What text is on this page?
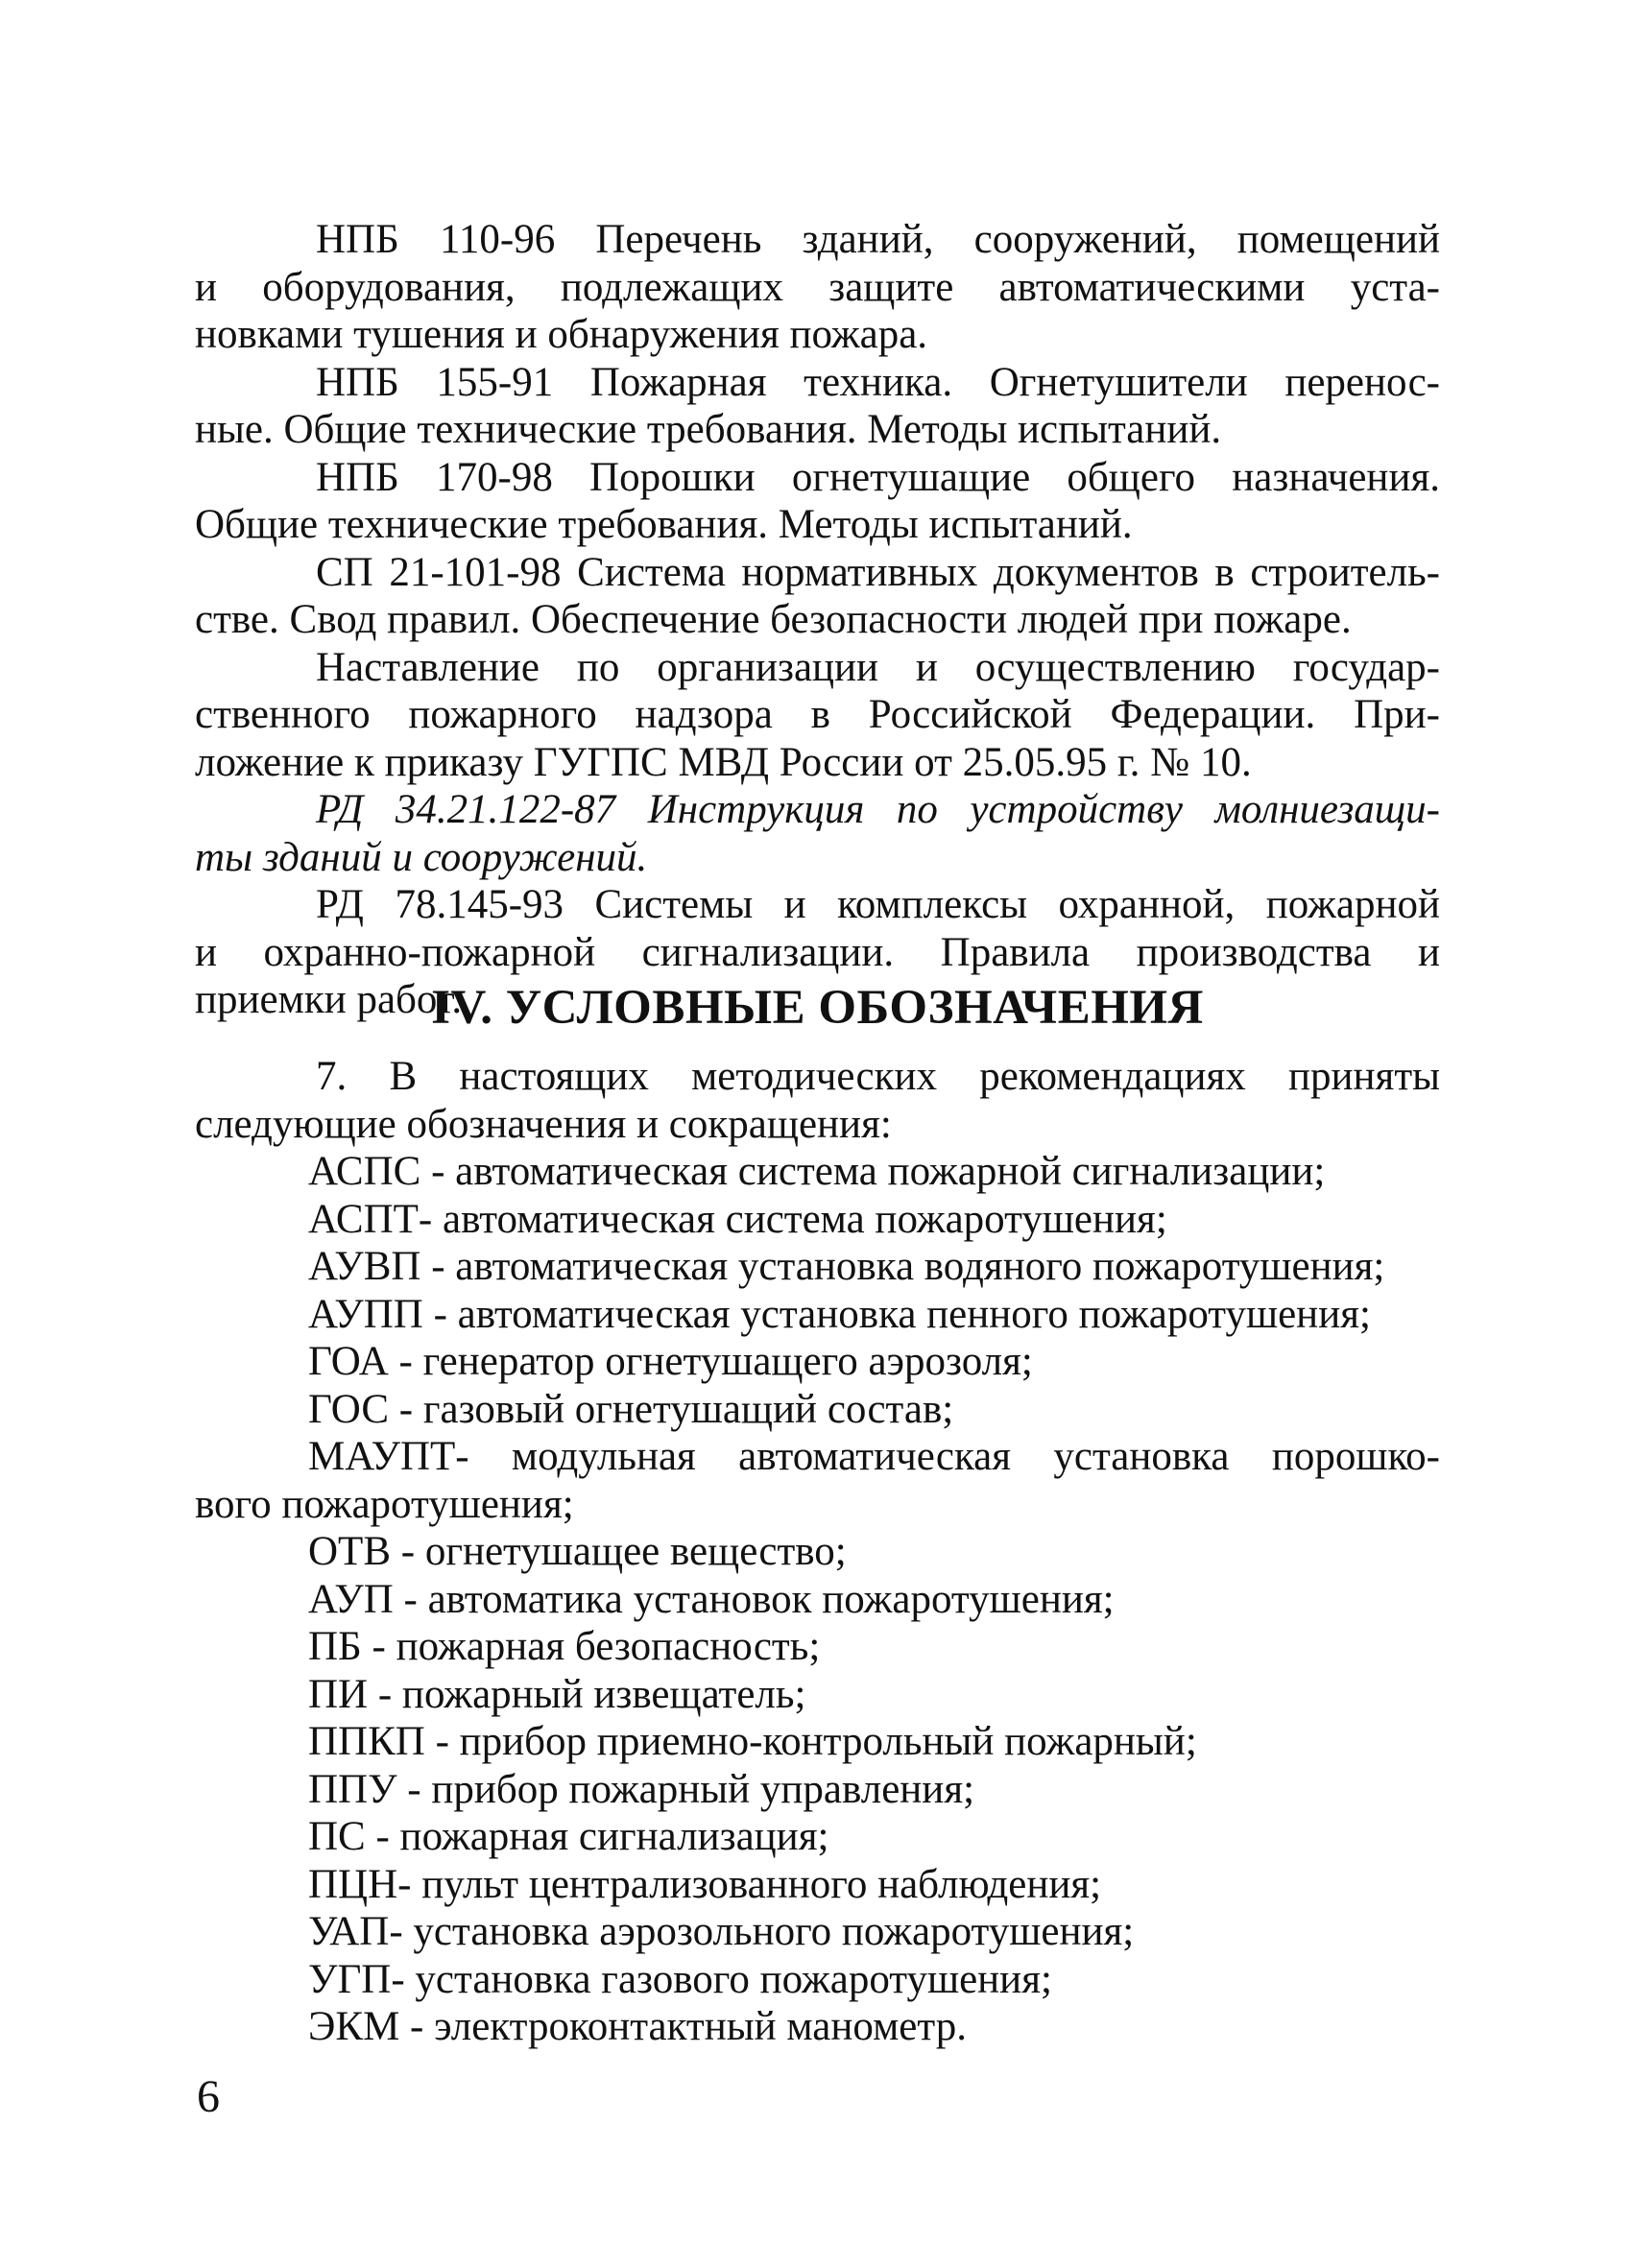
НПБ 110-96 Перечень зданий, сооружений, помещений
и оборудования, подлежащих защите автоматическими уста-
новками тушения и обнаружения пожара.
НПБ 155-91 Пожарная техника. Огнетушители перенос-
ные. Общие технические требования. Методы испытаний.
НПБ 170-98 Порошки огнетушащие общего назначения.
Общие технические требования. Методы испытаний.
СП 21-101-98 Система нормативных документов в строитель-
стве. Свод правил. Обеспечение безопасности людей при пожаре.
Наставление по организации и осуществлению государ-
ственного пожарного надзора в Российской Федерации. При-
ложение к приказу ГУГПС МВД России от 25.05.95 г. № 10.
РД 34.21.122-87 Инструкция по устройству молниезащи-
ты зданий и сооружений.
РД 78.145-93 Системы и комплексы охранной, пожарной
и охранно-пожарной сигнализации. Правила производства и
приемки работ.
IV. УСЛОВНЫЕ ОБОЗНАЧЕНИЯ
7. В настоящих методических рекомендациях приняты
следующие обозначения и сокращения:
АСПС - автоматическая система пожарной сигнализации;
АСПТ- автоматическая система пожаротушения;
АУВП - автоматическая установка водяного пожаротушения;
АУПП - автоматическая установка пенного пожаротушения;
ГОА - генератор огнетушащего аэрозоля;
ГОС - газовый огнетушащий состав;
МАУПТ- модульная автоматическая установка порошко-
вого пожаротушения;
ОТВ - огнетушащее вещество;
АУП - автоматика установок пожаротушения;
ПБ - пожарная безопасность;
ПИ - пожарный извещатель;
ППКП - прибор приемно-контрольный пожарный;
ППУ - прибор пожарный управления;
ПС - пожарная сигнализация;
ПЦН- пульт централизованного наблюдения;
УАП- установка аэрозольного пожаротушения;
УГП- установка газового пожаротушения;
ЭКМ - электроконтактный манометр.
6
